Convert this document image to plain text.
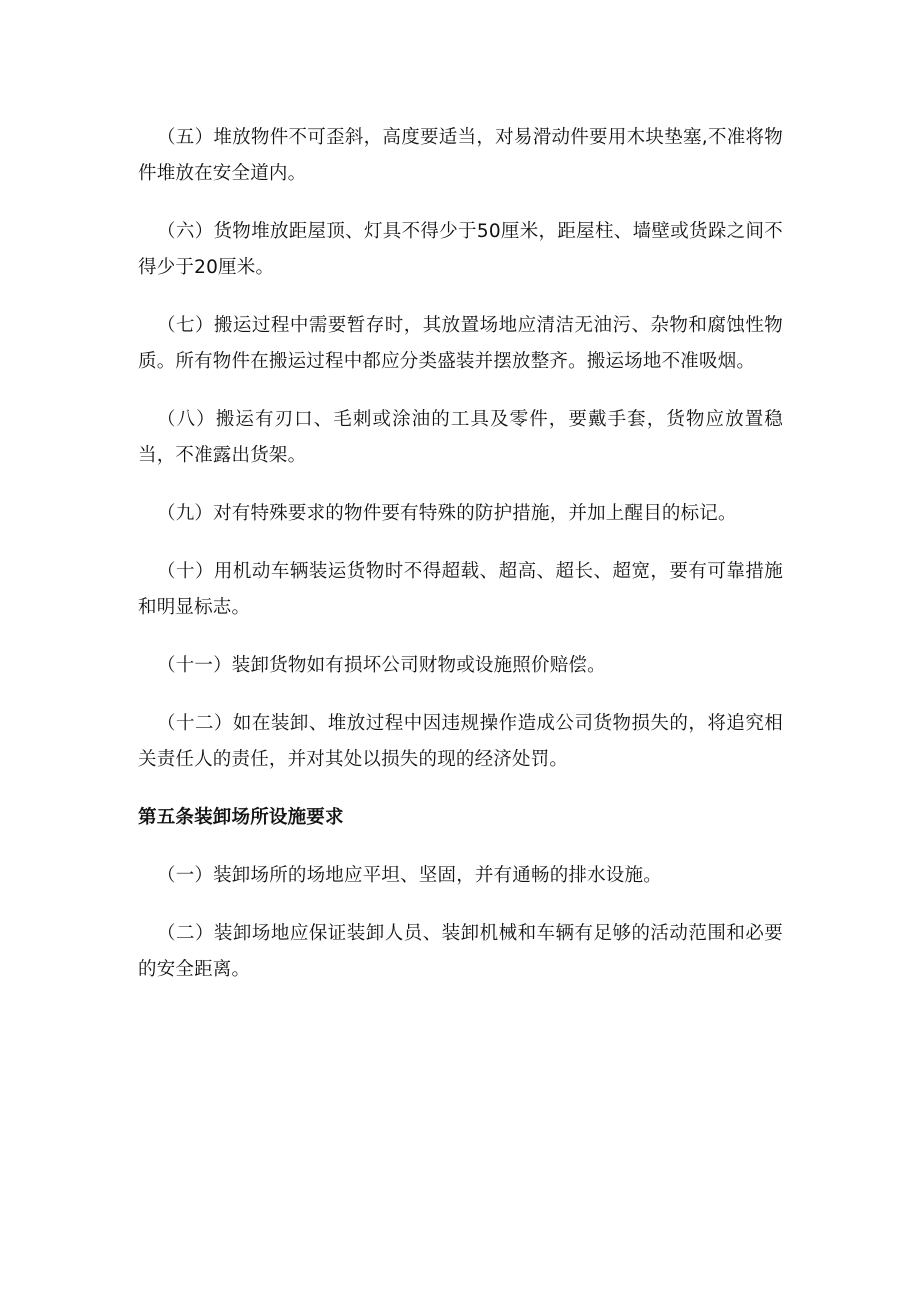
（五）堆放物件不可歪斜，高度要适当，对易滑动件要用木块垫塞,不准将物件堆放在安全道内。

（六）货物堆放距屋顶、灯具不得少于50厘米，距屋柱、墙壁或货跺之间不得少于20厘米。

（七）搬运过程中需要暂存时，其放置场地应清洁无油污、杂物和腐蚀性物质。所有物件在搬运过程中都应分类盛装并摆放整齐。搬运场地不准吸烟。

（八）搬运有刃口、毛刺或涂油的工具及零件，要戴手套，货物应放置稳当，不准露出货架。

（九）对有特殊要求的物件要有特殊的防护措施，并加上醒目的标记。

（十）用机动车辆装运货物时不得超载、超高、超长、超宽，要有可靠措施和明显标志。

（十一）装卸货物如有损坏公司财物或设施照价赔偿。

（十二）如在装卸、堆放过程中因违规操作造成公司货物损失的，将追究相关责任人的责任，并对其处以损失的现的经济处罚。

第五条装卸场所设施要求

（一）装卸场所的场地应平坦、坚固，并有通畅的排水设施。

（二）装卸场地应保证装卸人员、装卸机械和车辆有足够的活动范围和必要的安全距离。
